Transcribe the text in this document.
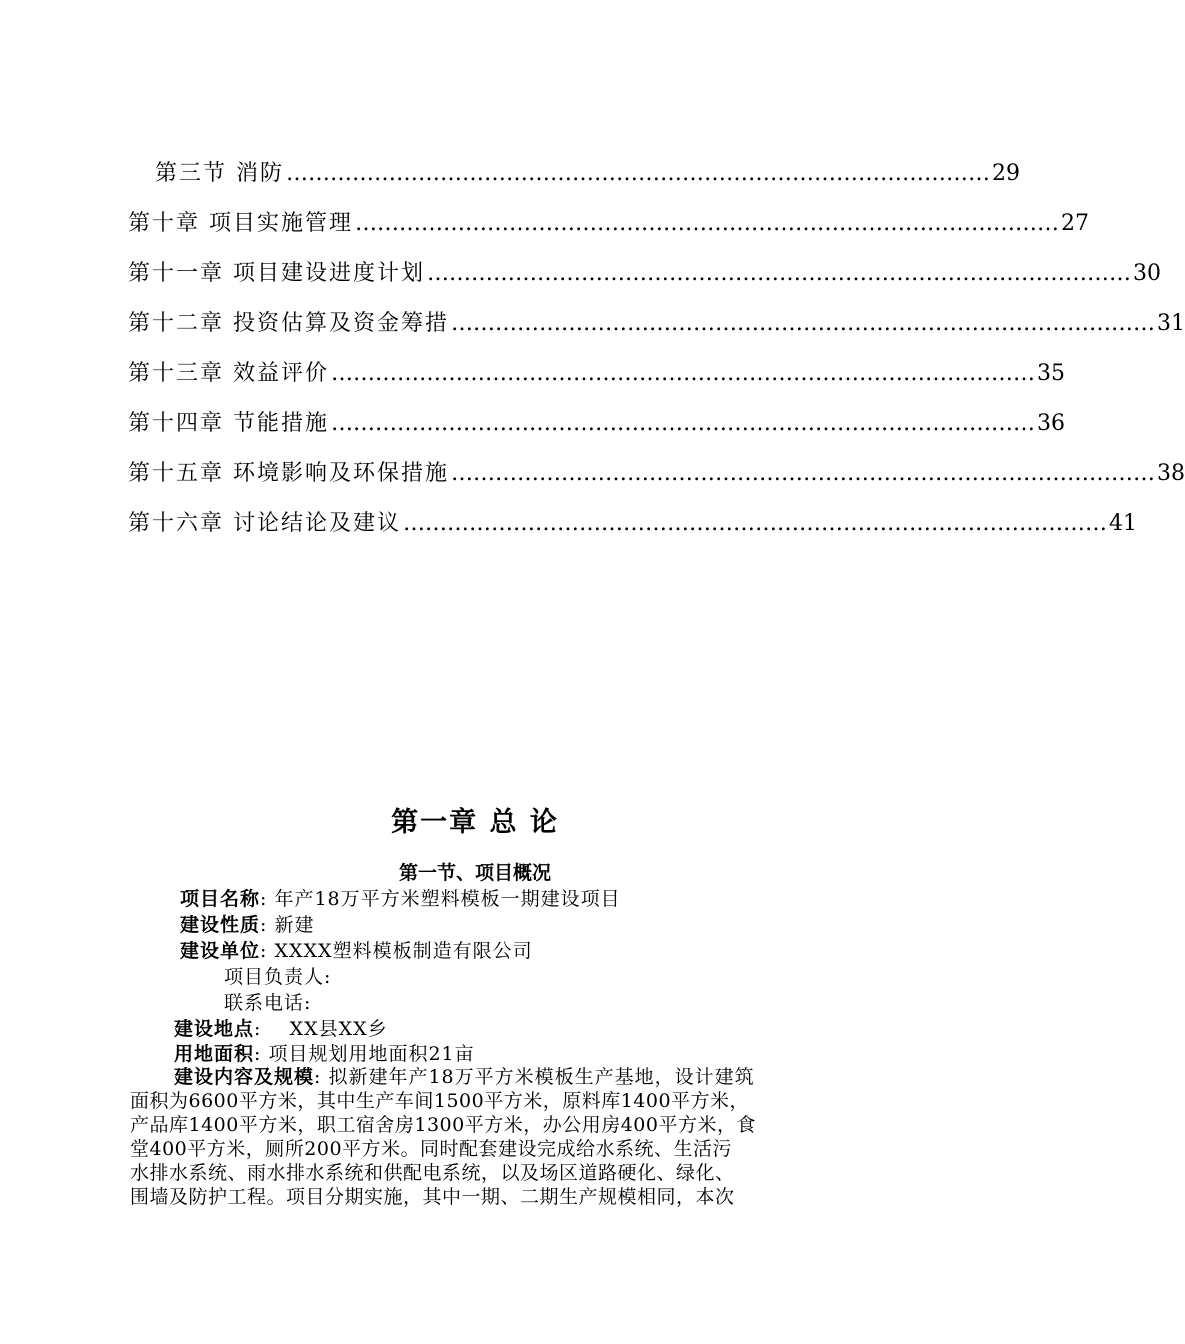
第三节 消防 …………………………………………………………………………………… 29
第十章 项目实施管理 …………………………………………………………………………………… 27
第十一章 项目建设进度计划 …………………………………………………………………………………… 30
第十二章 投资估算及资金筹措 …………………………………………………………………………………… 31
第十三章 效益评价 …………………………………………………………………………………… 35
第十四章 节能措施 …………………………………………………………………………………… 36
第十五章 环境影响及环保措施 …………………………………………………………………………………… 38
第十六章 讨论结论及建议 …………………………………………………………………………………… 41
第一章 总 论
第一节、项目概况
项目名称: 年产18万平方米塑料模板一期建设项目
建设性质: 新建
建设单位: XXXX塑料模板制造有限公司
项目负责人:
联系电话:
建设地点:    XX县XX乡
用地面积: 项目规划用地面积21亩
建设内容及规模: 拟新建年产18万平方米模板生产基地，设计建筑
面积为6600平方米，其中生产车间1500平方米，原料库1400平方米，
产品库1400平方米，职工宿舍房1300平方米，办公用房400平方米，食
堂400平方米，厕所200平方米。同时配套建设完成给水系统、生活污
水排水系统、雨水排水系统和供配电系统，以及场区道路硬化、绿化、
围墙及防护工程。项目分期实施，其中一期、二期生产规模相同，本次
